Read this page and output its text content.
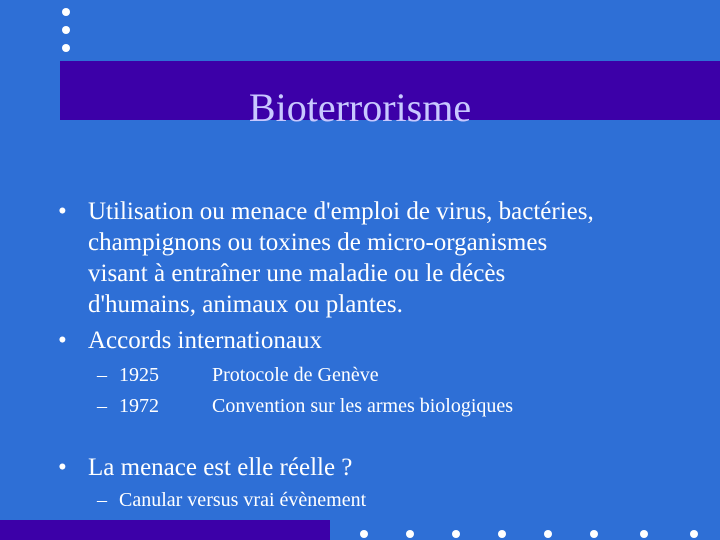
Bioterrorisme
• Utilisation ou menace d'emploi de virus, bactéries,
champignons ou toxines de micro-organismes
visant à entraîner une maladie ou le décès
d'humains, animaux ou plantes.
• Accords internationaux
– 1925	Protocole de Genève
– 1972	Convention sur les armes biologiques
• La menace est elle réelle ?
– Canular versus vrai évènement
